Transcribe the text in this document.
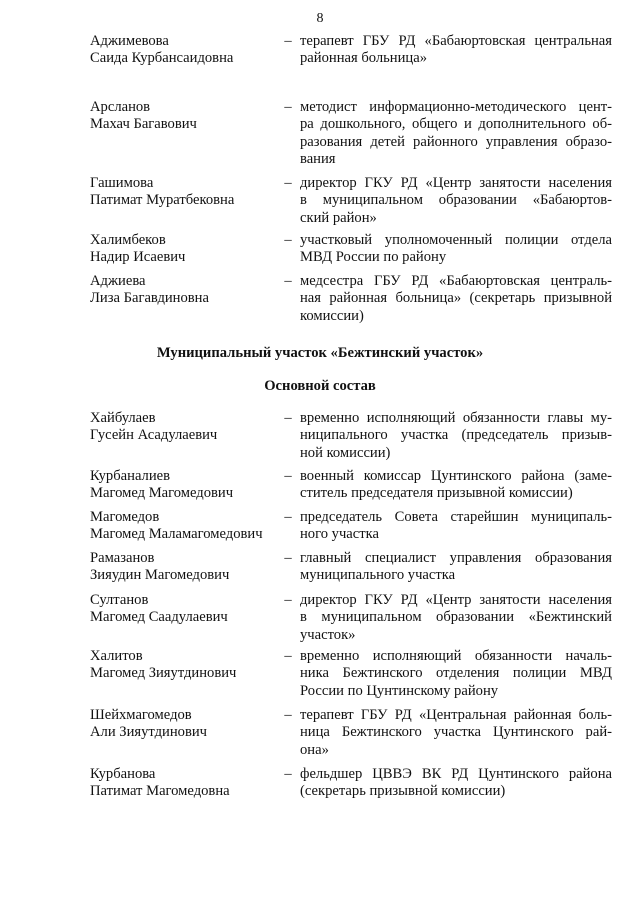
8
Аджимевова
Саида Курбансаидовна
– терапевт ГБУ РД «Бабаюртовская центральная
районная больница»
Арсланов
Махач Багавович
– методист информационно-методического цент-
ра дошкольного, общего и дополнительного об-
разования детей районного управления образо-
вания
Гашимова
Патимат Муратбековна
– директор ГКУ РД «Центр занятости населения
в муниципальном образовании «Бабаюртов-
ский район»
Халимбеков
Надир Исаевич
– участковый уполномоченный полиции отдела
МВД России по району
Аджиева
Лиза Багавдиновна
– медсестра ГБУ РД «Бабаюртовская централь-
ная районная больница» (секретарь призывной
комиссии)
Муниципальный участок «Бежтинский участок»
Основной состав
Хайбулаев
Гусейн Асадулаевич
– временно исполняющий обязанности главы му-
ниципального участка (председатель призыв-
ной комиссии)
Курбаналиев
Магомед Магомедович
– военный комиссар Цунтинского района (заме-
ститель председателя призывной комиссии)
Магомедов
Магомед Маламагомедович
– председатель Совета старейшин муниципаль-
ного участка
Рамазанов
Зияудин Магомедович
– главный специалист управления образования
муниципального участка
Султанов
Магомед Саадулаевич
– директор ГКУ РД «Центр занятости населения
в муниципальном образовании «Бежтинский
участок»
Халитов
Магомед Зияутдинович
– временно исполняющий обязанности началь-
ника Бежтинского отделения полиции МВД
России по Цунтинскому району
Шейхмагомедов
Али Зияутдинович
– терапевт ГБУ РД «Центральная районная боль-
ница Бежтинского участка Цунтинского рай-
она»
Курбанова
Патимат Магомедовна
– фельдшер ЦВВЭ ВК РД Цунтинского района
(секретарь призывной комиссии)
